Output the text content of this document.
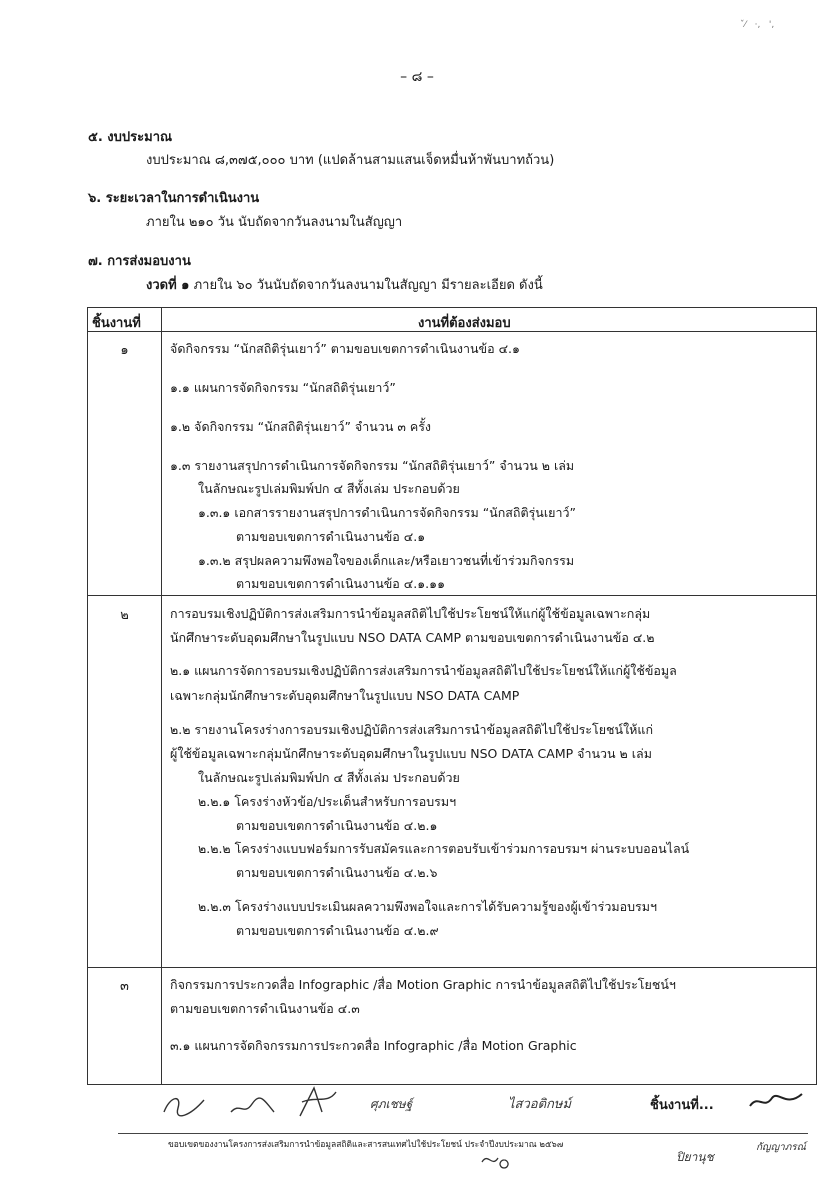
ˇ⁄   ·,   ',
– ๘ –
๕. งบประมาณ
งบประมาณ ๘,๓๗๕,๐๐๐ บาท (แปดล้านสามแสนเจ็ดหมื่นห้าพันบาทถ้วน)
๖. ระยะเวลาในการดำเนินงาน
ภายใน ๒๑๐ วัน นับถัดจากวันลงนามในสัญญา
๗. การส่งมอบงาน
งวดที่ ๑ ภายใน ๖๐ วันนับถัดจากวันลงนามในสัญญา มีรายละเอียด ดังนี้
ชิ้นงานที่	งานที่ต้องส่งมอบ
๑	จัดกิจกรรม “นักสถิติรุ่นเยาว์” ตามขอบเขตการดำเนินงานข้อ ๔.๑
๑.๑ แผนการจัดกิจกรรม “นักสถิติรุ่นเยาว์”
๑.๒ จัดกิจกรรม “นักสถิติรุ่นเยาว์” จำนวน ๓ ครั้ง
๑.๓ รายงานสรุปการดำเนินการจัดกิจกรรม “นักสถิติรุ่นเยาว์” จำนวน ๒ เล่ม
ในลักษณะรูปเล่มพิมพ์ปก ๔ สีทั้งเล่ม ประกอบด้วย
๑.๓.๑ เอกสารรายงานสรุปการดำเนินการจัดกิจกรรม “นักสถิติรุ่นเยาว์”
ตามขอบเขตการดำเนินงานข้อ ๔.๑
๑.๓.๒ สรุปผลความพึงพอใจของเด็กและ/หรือเยาวชนที่เข้าร่วมกิจกรรม
ตามขอบเขตการดำเนินงานข้อ ๔.๑.๑๑
๒	การอบรมเชิงปฏิบัติการส่งเสริมการนำข้อมูลสถิติไปใช้ประโยชน์ให้แก่ผู้ใช้ข้อมูลเฉพาะกลุ่ม
นักศึกษาระดับอุดมศึกษาในรูปแบบ NSO DATA CAMP ตามขอบเขตการดำเนินงานข้อ ๔.๒
๒.๑ แผนการจัดการอบรมเชิงปฏิบัติการส่งเสริมการนำข้อมูลสถิติไปใช้ประโยชน์ให้แก่ผู้ใช้ข้อมูล
เฉพาะกลุ่มนักศึกษาระดับอุดมศึกษาในรูปแบบ NSO DATA CAMP
๒.๒ รายงานโครงร่างการอบรมเชิงปฏิบัติการส่งเสริมการนำข้อมูลสถิติไปใช้ประโยชน์ให้แก่
ผู้ใช้ข้อมูลเฉพาะกลุ่มนักศึกษาระดับอุดมศึกษาในรูปแบบ NSO DATA CAMP จำนวน ๒ เล่ม
ในลักษณะรูปเล่มพิมพ์ปก ๔ สีทั้งเล่ม ประกอบด้วย
๒.๒.๑ โครงร่างหัวข้อ/ประเด็นสำหรับการอบรมฯ
ตามขอบเขตการดำเนินงานข้อ ๔.๒.๑
๒.๒.๒ โครงร่างแบบฟอร์มการรับสมัครและการตอบรับเข้าร่วมการอบรมฯ ผ่านระบบออนไลน์
ตามขอบเขตการดำเนินงานข้อ ๔.๒.๖
๒.๒.๓ โครงร่างแบบประเมินผลความพึงพอใจและการได้รับความรู้ของผู้เข้าร่วมอบรมฯ
ตามขอบเขตการดำเนินงานข้อ ๔.๒.๙
๓	กิจกรรมการประกวดสื่อ Infographic /สื่อ Motion Graphic การนำข้อมูลสถิติไปใช้ประโยชน์ฯ
ตามขอบเขตการดำเนินงานข้อ ๔.๓
๓.๑ แผนการจัดกิจกรรมการประกวดสื่อ Infographic /สื่อ Motion Graphic
ศุภเชษฐ์	ไสวอติกษม์	ชิ้นงานที่...
ขอบเขตของงานโครงการส่งเสริมการนำข้อมูลสถิติและสารสนเทศไปใช้ประโยชน์ ประจำปีงบประมาณ ๒๕๖๗
ปิยานุช
กัญญาภรณ์
